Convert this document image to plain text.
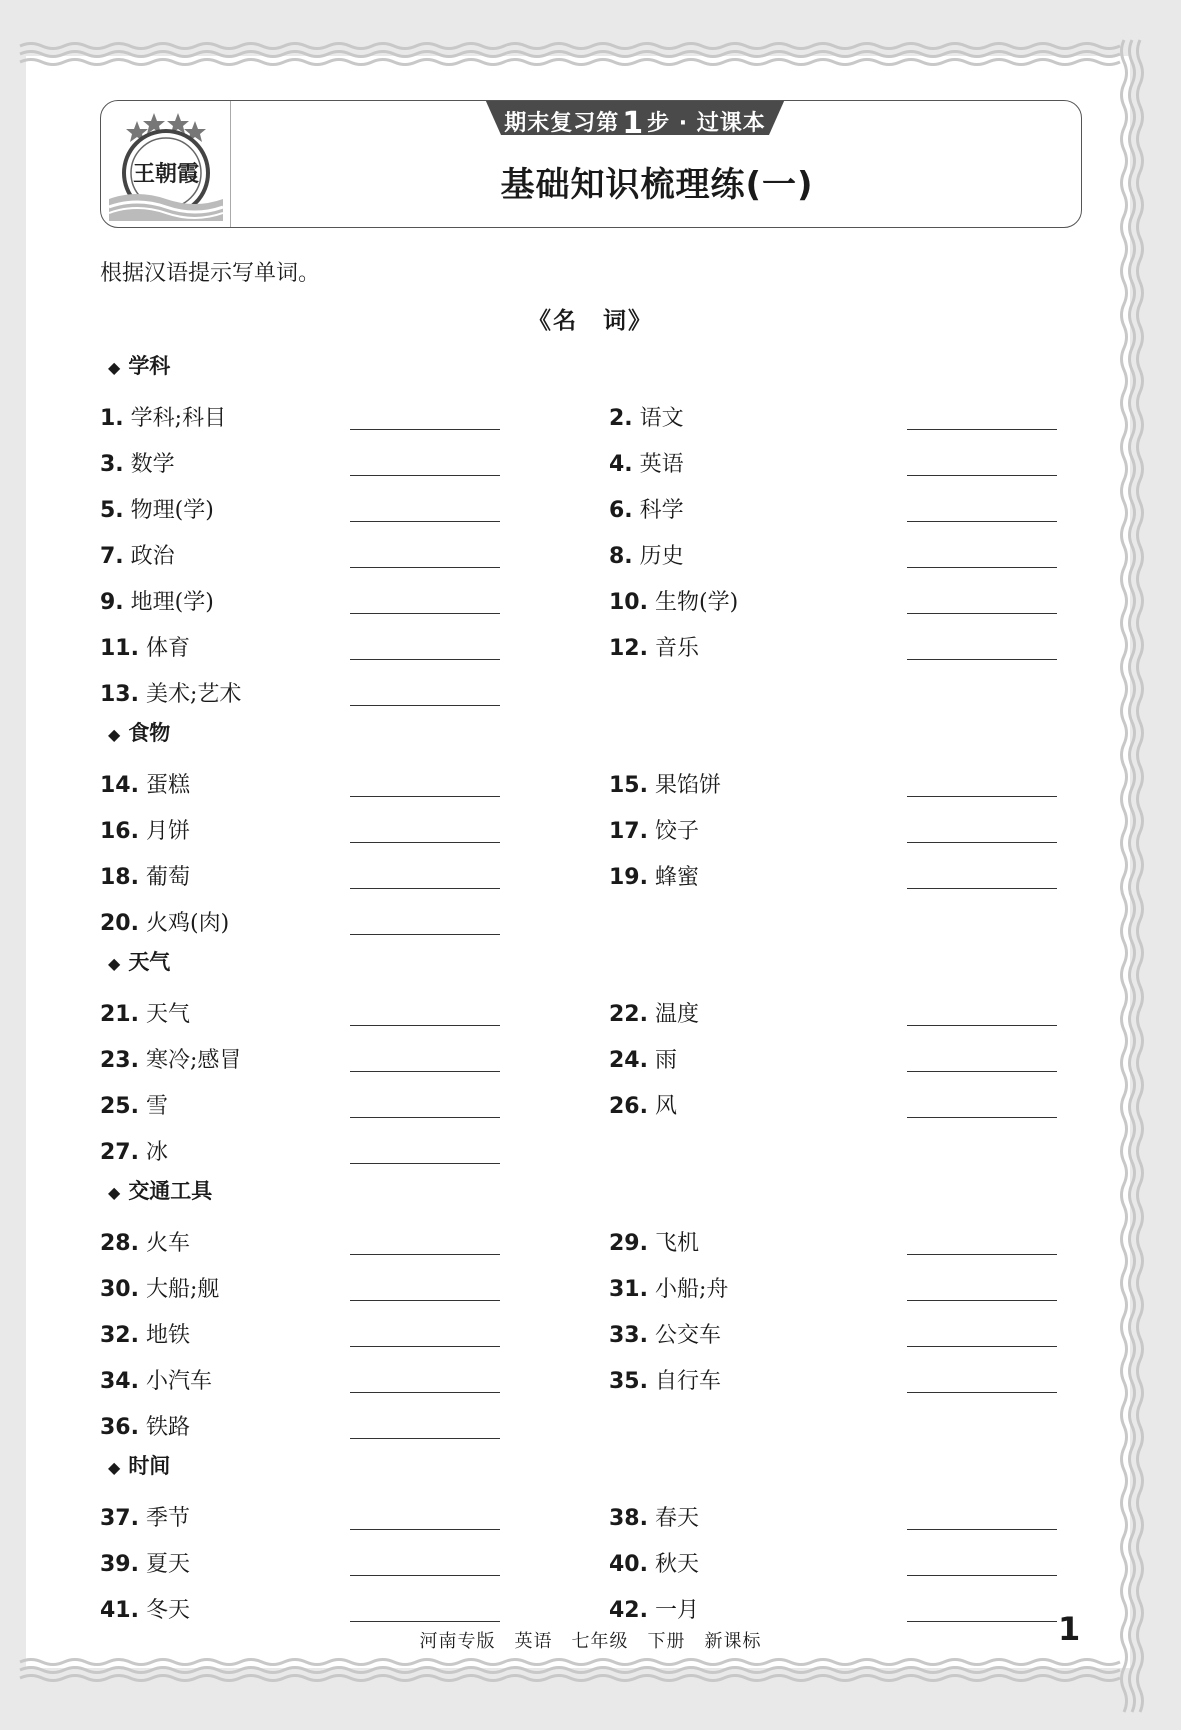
王朝霞
期末复习第 1 步 · 过课本
基础知识梳理练(一)
根据汉语提示写单词。
《名　词》
◆ 学科
1. 学科;科目	2. 语文
3. 数学	4. 英语
5. 物理(学)	6. 科学
7. 政治	8. 历史
9. 地理(学)	10. 生物(学)
11. 体育	12. 音乐
13. 美术;艺术
◆ 食物
14. 蛋糕	15. 果馅饼
16. 月饼	17. 饺子
18. 葡萄	19. 蜂蜜
20. 火鸡(肉)
◆ 天气
21. 天气	22. 温度
23. 寒冷;感冒	24. 雨
25. 雪	26. 风
27. 冰
◆ 交通工具
28. 火车	29. 飞机
30. 大船;舰	31. 小船;舟
32. 地铁	33. 公交车
34. 小汽车	35. 自行车
36. 铁路
◆ 时间
37. 季节	38. 春天
39. 夏天	40. 秋天
41. 冬天	42. 一月
河南专版　英语　七年级　下册　新课标	1
